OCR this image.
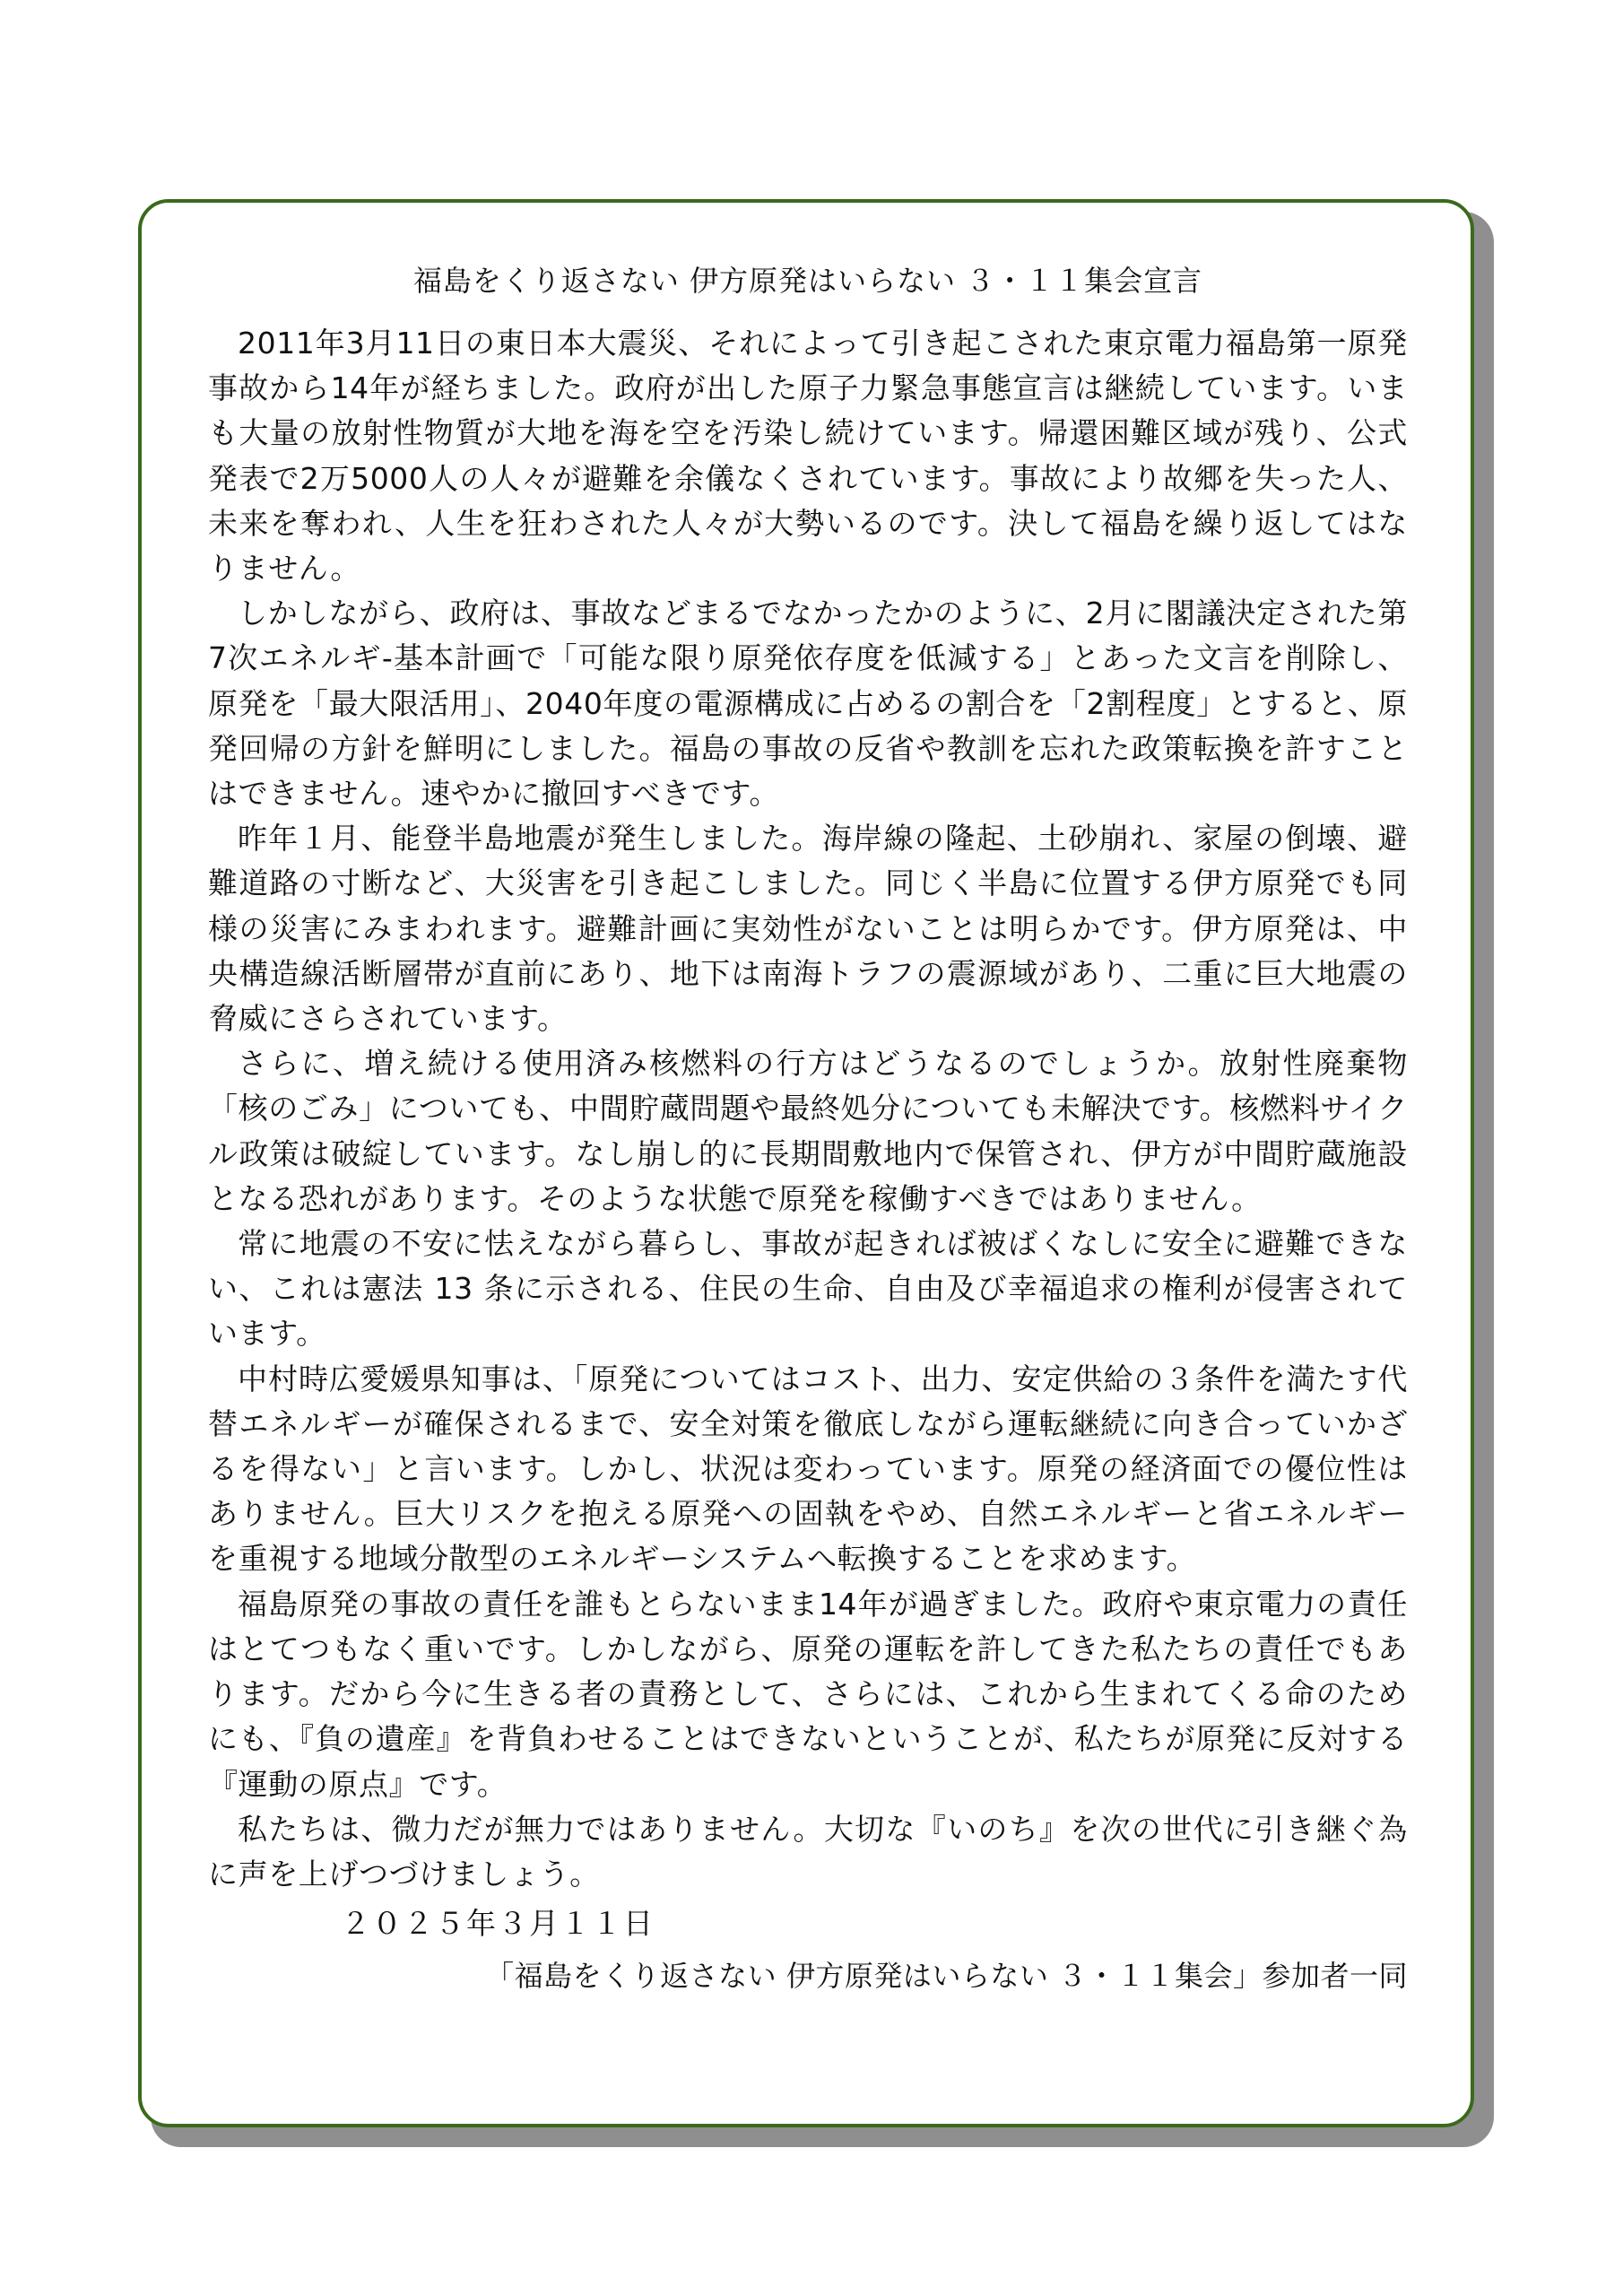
福島をくり返さない 伊方原発はいらない ３・１１集会宣言

2011年3月11日の東日本大震災、それによって引き起こされた東京電力福島第一原発事故から14年が経ちました。政府が出した原子力緊急事態宣言は継続しています。いまも大量の放射性物質が大地を海を空を汚染し続けています。帰還困難区域が残り、公式発表で2万5000人の人々が避難を余儀なくされています。事故により故郷を失った人、未来を奪われ、人生を狂わされた人々が大勢いるのです。決して福島を繰り返してはなりません。

しかしながら、政府は、事故などまるでなかったかのように、2月に閣議決定された第7次エネルギ-基本計画で「可能な限り原発依存度を低減する」とあった文言を削除し、原発を「最大限活用」、2040年度の電源構成に占めるの割合を「2割程度」とすると、原発回帰の方針を鮮明にしました。福島の事故の反省や教訓を忘れた政策転換を許すことはできません。速やかに撤回すべきです。

昨年１月、能登半島地震が発生しました。海岸線の隆起、土砂崩れ、家屋の倒壊、避難道路の寸断など、大災害を引き起こしました。同じく半島に位置する伊方原発でも同様の災害にみまわれます。避難計画に実効性がないことは明らかです。伊方原発は、中央構造線活断層帯が直前にあり、地下は南海トラフの震源域があり、二重に巨大地震の脅威にさらされています。

さらに、増え続ける使用済み核燃料の行方はどうなるのでしょうか。放射性廃棄物「核のごみ」についても、中間貯蔵問題や最終処分についても未解決です。核燃料サイクル政策は破綻しています。なし崩し的に長期間敷地内で保管され、伊方が中間貯蔵施設となる恐れがあります。そのような状態で原発を稼働すべきではありません。

常に地震の不安に怯えながら暮らし、事故が起きれば被ばくなしに安全に避難できない、これは憲法 13 条に示される、住民の生命、自由及び幸福追求の権利が侵害されています。

中村時広愛媛県知事は、「原発についてはコスト、出力、安定供給の３条件を満たす代替エネルギーが確保されるまで、安全対策を徹底しながら運転継続に向き合っていかざるを得ない」と言います。しかし、状況は変わっています。原発の経済面での優位性はありません。巨大リスクを抱える原発への固執をやめ、自然エネルギーと省エネルギーを重視する地域分散型のエネルギーシステムへ転換することを求めます。

福島原発の事故の責任を誰もとらないまま14年が過ぎました。政府や東京電力の責任はとてつもなく重いです。しかしながら、原発の運転を許してきた私たちの責任でもあります。だから今に生きる者の責務として、さらには、これから生まれてくる命のためにも、『負の遺産』を背負わせることはできないということが、私たちが原発に反対する『運動の原点』です。

私たちは、微力だが無力ではありません。大切な『いのち』を次の世代に引き継ぐ為に声を上げつづけましょう。

２０２５年３月１１日
「福島をくり返さない 伊方原発はいらない ３・１１集会」参加者一同
